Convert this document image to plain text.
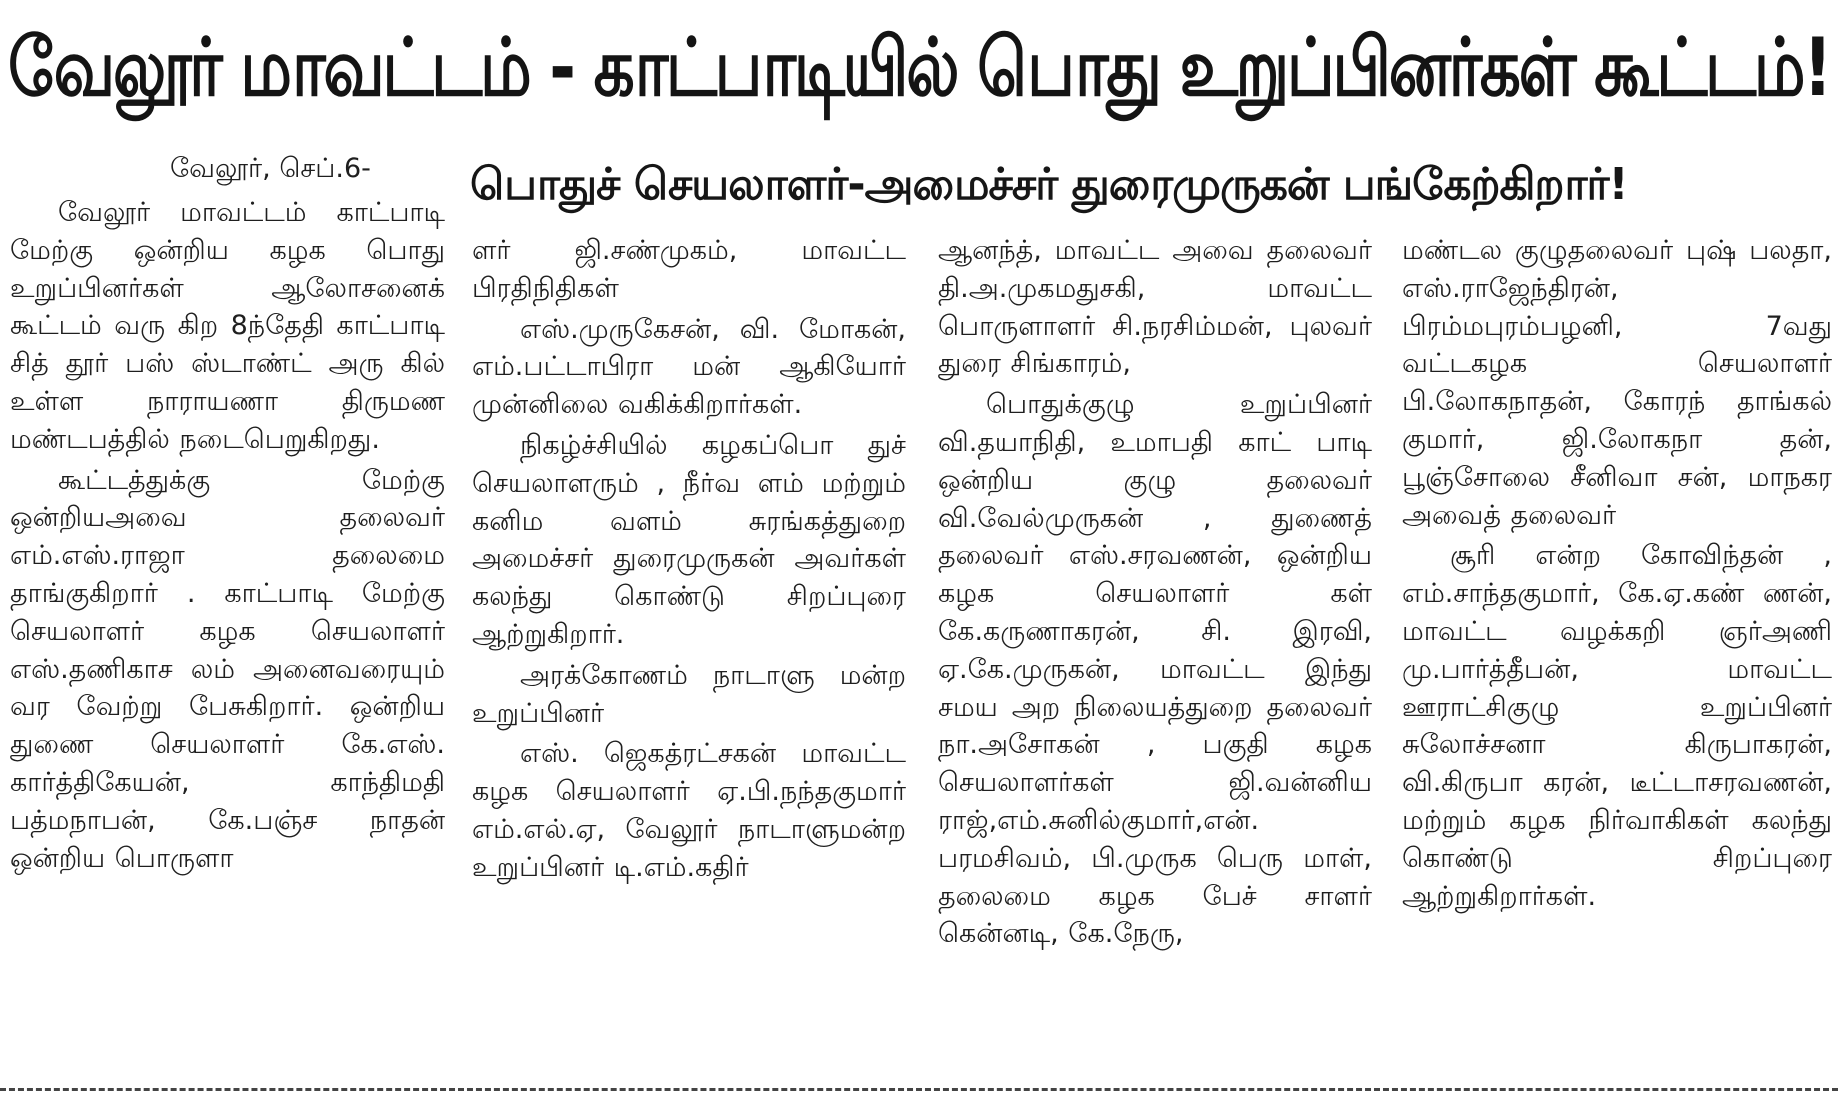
வேலூர் மாவட்டம் - காட்பாடியில் பொது உறுப்பினர்கள் கூட்டம்!

வேலூர், செப்.6-	பொதுச் செயலாளர்-அமைச்சர் துரைமுருகன் பங்கேற்கிறார்!

வேலூர் மாவட்டம் காட்பாடி மேற்கு ஒன்றிய கழக பொது உறுப்பினர்கள் ஆலோசனைக் கூட்டம் வரு கிற 8ந்தேதி காட்பாடி சித் தூர் பஸ் ஸ்டாண்ட் அரு கில் உள்ள நாராயணா திருமண மண்டபத்தில் நடைபெறுகிறது.

கூட்டத்துக்கு மேற்கு ஒன்றியஅவை தலைவர் எம்.எஸ்.ராஜா தலைமை தாங்குகிறார் . காட்பாடி மேற்கு செயலாளர் கழக செயலாளர் எஸ்.தணிகாச லம் அனைவரையும் வர வேற்று பேசுகிறார். ஒன்றிய துணை செயலாளர் கே.எஸ். கார்த்திகேயன், காந்திமதி பத்மநாபன், கே.பஞ்ச நாதன் ஒன்றிய பொருளா

ளர் ஜி.சண்முகம், மாவட்ட பிரதிநிதிகள்

எஸ்.முருகேசன், வி. மோகன், எம்.பட்டாபிரா மன் ஆகியோர் முன்னிலை வகிக்கிறார்கள்.

நிகழ்ச்சியில் கழகப்பொ துச் செயலாளரும் , நீர்வ ளம் மற்றும் கனிம வளம் சுரங்கத்துறை அமைச்சர் துரைமுருகன் அவர்கள் கலந்து கொண்டு சிறப்புரை ஆற்றுகிறார்.

அரக்கோணம் நாடாளு மன்ற உறுப்பினர்

எஸ். ஜெகத்ரட்சகன் மாவட்ட கழக செயலாளர் ஏ.பி.நந்தகுமார் எம்.எல்.ஏ, வேலூர் நாடாளுமன்ற உறுப்பினர் டி.எம்.கதிர்

ஆனந்த், மாவட்ட அவை தலைவர் தி.அ.முகமதுசகி, மாவட்ட பொருளாளர் சி.நரசிம்மன், புலவர் துரை சிங்காரம்,

பொதுக்குழு உறுப்பினர் வி.தயாநிதி, உமாபதி காட் பாடி ஒன்றிய குழு தலைவர் வி.வேல்முருகன் , துணைத் தலைவர் எஸ்.சரவணன், ஒன்றிய கழக செயலாளர் கள் கே.கருணாகரன், சி. இரவி, ஏ.கே.முருகன், மாவட்ட இந்து சமய அற நிலையத்துறை தலைவர் நா.அசோகன் , பகுதி கழக செயலாளர்கள் ஜி.வன்னிய ராஜ்,எம்.சுனில்குமார்,என். பரமசிவம், பி.முருக பெரு மாள், தலைமை கழக பேச் சாளர் கென்னடி, கே.நேரு,

மண்டல குழுதலைவர் புஷ் பலதா, எஸ்.ராஜேந்திரன், பிரம்மபுரம்பழனி, 7வது வட்டகழக செயலாளர் பி.லோகநாதன், கோரந் தாங்கல் குமார், ஜி.லோகநா தன், பூஞ்சோலை சீனிவா சன், மாநகர அவைத் தலைவர்

சூரி என்ற கோவிந்தன் , எம்.சாந்தகுமார், கே.ஏ.கண் ணன், மாவட்ட வழக்கறி ஞர்அணி மு.பார்த்தீபன், மாவட்ட ஊராட்சிகுழு உறுப்பினர் சுலோச்சனா கிருபாகரன், வி.கிருபா கரன், டீட்டாசரவணன், மற்றும் கழக நிர்வாகிகள் கலந்து கொண்டு சிறப்புரை ஆற்றுகிறார்கள்.
